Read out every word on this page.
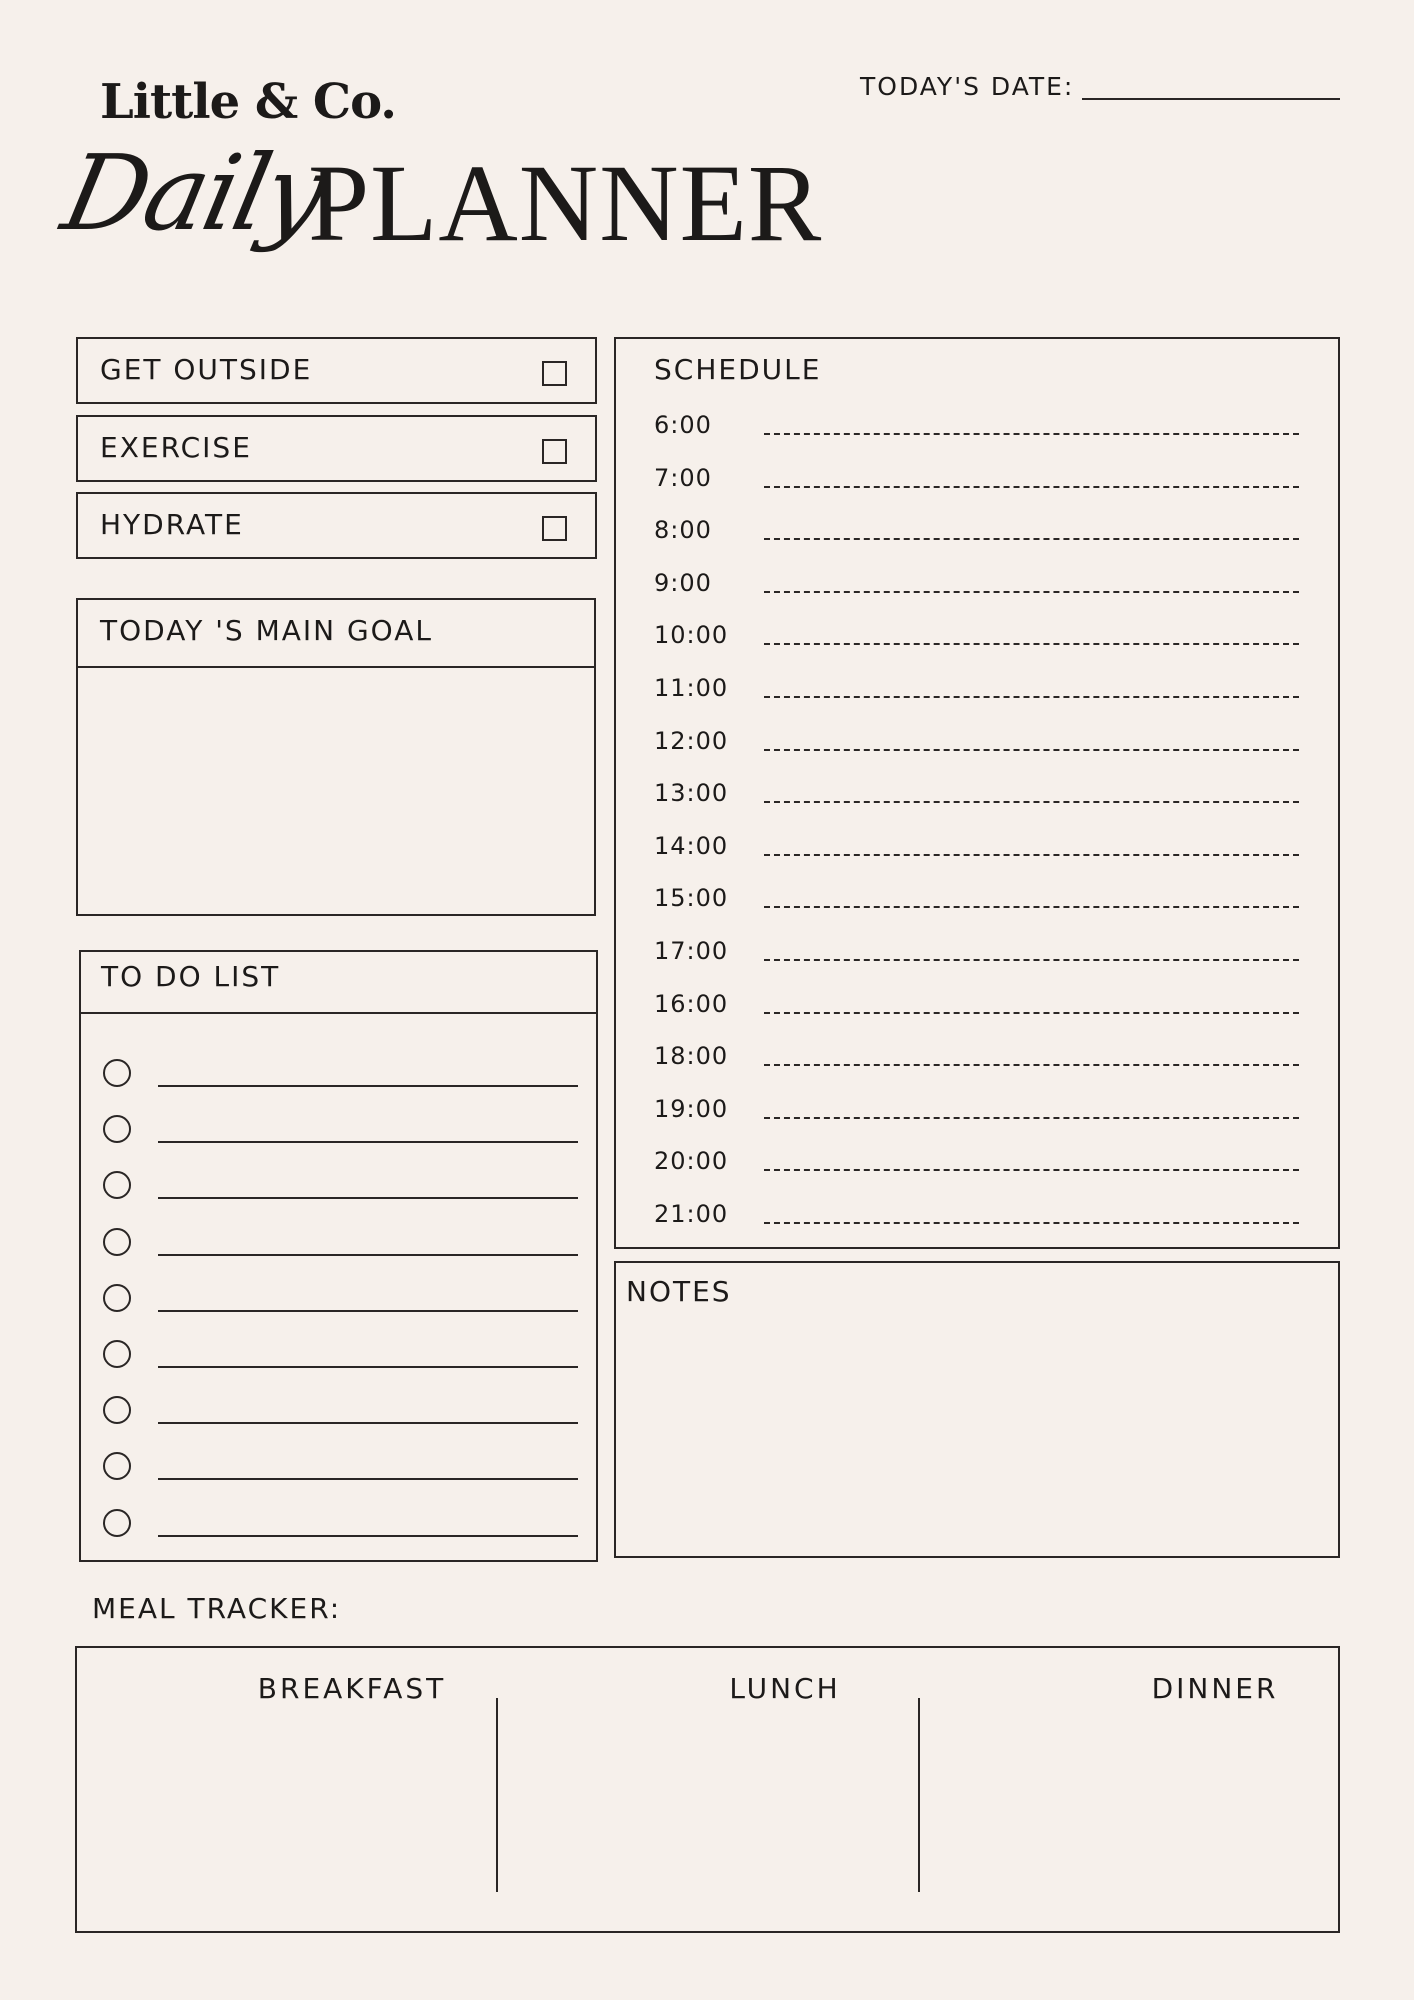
Little & Co.
Daily
PLANNER
TODAY'S DATE:
GET OUTSIDE
EXERCISE
HYDRATE
TODAY 'S MAIN GOAL
TO DO LIST
SCHEDULE
6:00
7:00
8:00
9:00
10:00
11:00
12:00
13:00
14:00
15:00
17:00
16:00
18:00
19:00
20:00
21:00
NOTES
MEAL TRACKER:
BREAKFAST	LUNCH	DINNER
